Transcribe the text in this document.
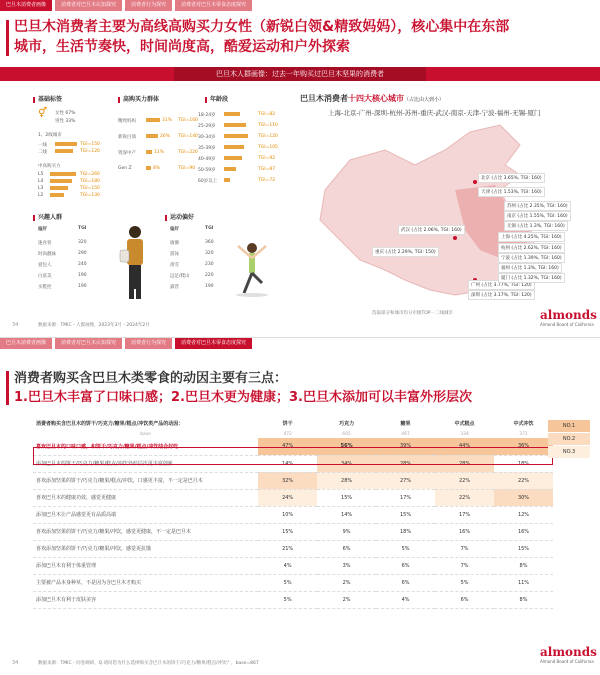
巴旦木消费者画像	消费者对巴旦木认知探究	消费者行为探究	消费者对巴旦木零食态度探究
巴旦木消费者主要为高线高购买力女性（新锐白领&精致妈妈），核心集中在东部
城市，生活节奏快，时间尚度高，酷爱运动和户外探索
巴旦木人群画像：过去一年购买过巴旦木坚果的消费者
基础标签
⚥ 女性 67%
男性 33%
1、2线城市
一线	TGI=150
二线	TGI=120
中高购买力
L5	TGI=260
L4	TGI=180
L3	TGI=150
L2	TGI=130
高购买力群体
精致妈妈	31% TGI=160
新锐白领	26% TGI=140
资深中产	11%	TGI=220
Gen Z	8%	TGI=90
年龄段
18-24岁	TGI=82
25-29岁	TGI=110
30-34岁	TGI=120
35-39岁	TGI=105
40-49岁	TGI=92
50-59岁	TGI=87
60岁以上	TGI=72
兴趣人群
偏好	TGI
速食客	320
时尚靓妹	290
爱包人	240
白富美	190
买鞋控	190
运动偏好
偏好	TGI
瑜伽	360
游泳	320
滑雪	230
远足/爬山	220
露营	190
巴旦木消费者十四大核心城市（占比由大到小）
上海-北京-广州-深圳-杭州-苏州-重庆-武汉-南京-天津-宁波-福州-无锡-厦门
北京 (占比 3.65%, TGI: 160)
天津 (占比 1.53%, TGI: 160)
苏州 (占比 2.35%, TGI: 160)
南京 (占比 1.55%, TGI: 160)
无锡 (占比 1.3%, TGI: 160)
武汉 (占比 2.06%, TGI: 160)
上海 (占比 4.25%, TGI: 160)
重庆 (占比 2.29%, TGI: 150)
杭州 (占比 2.62%, TGI: 160)
宁波 (占比 1.39%, TGI: 160)
福州 (占比 1.3%, TGI: 160)
广州 (占比 3.77%, TGI: 120)
深圳 (占比 3.17%, TGI: 120)
厦门 (占比 1.32%, TGI: 160)
选取部分和城市均分市级TOP一二线城市
34	数据来源：TMIC - 人群画像，2023年3月 - 2024年2月
almonds
Almond Board of California
巴旦木消费者画像	消费者对巴旦木认知探究	消费者行为探究	消费者对巴旦木零食态度探究
消费者购买含巴旦木类零食的动因主要有三点：
1.巴旦木丰富了口味口感；2.巴旦木更为健康；3.巴旦木添加可以丰富外形层次
消费者购买含巴旦木的饼干/巧克力/糖果/糕点/冲饮类产品的动因：	饼干	巧克力	糖果	中式糕点	中式冲饮
base	472	605	467	334	371
喜欢巴旦木的口味口感，和饼干/巧克力/糖果/糕点/冲饮结合好吃	47%	56%	39%	44%	36%
添加巴旦木的饼干/巧克力/糖果/糕点/冲饮外形层次更丰富创新	14%	34%	28%	28%	18%
喜欢添加坚果的饼干/巧克力/糖果/糕点/冲饮，口感更丰富，不一定是巴旦木	32%	28%	27%	22%	22%
喜欢巴旦木的健康功效，感觉更健康	24%	15%	17%	22%	30%
添加巴旦木让产品感觉更有品质高端	10%	14%	15%	17%	12%
喜欢添加坚果的饼干/巧克力/糖果/冲饮，感觉更健康，不一定是巴旦木	15%	9%	18%	16%	16%
喜欢添加坚果的饼干/巧克力/糖果/冲饮，感觉更抗饿	21%	6%	5%	7%	15%
添加巴旦木有利于体重管理	4%	3%	6%	7%	8%
主要被产品本身种草，不是因为含巴旦木才购买	5%	2%	6%	5%	11%
添加巴旦木有利于皮肤美容	5%	2%	4%	6%	8%
NO.1
NO.2
NO.3
34	数据来源：TMIC - 问卷调研，Q.请问您为什么选择购买含巴旦木的饼干/巧克力/糖果/糕点/冲饮？，base=867
almonds
Almond Board of California
